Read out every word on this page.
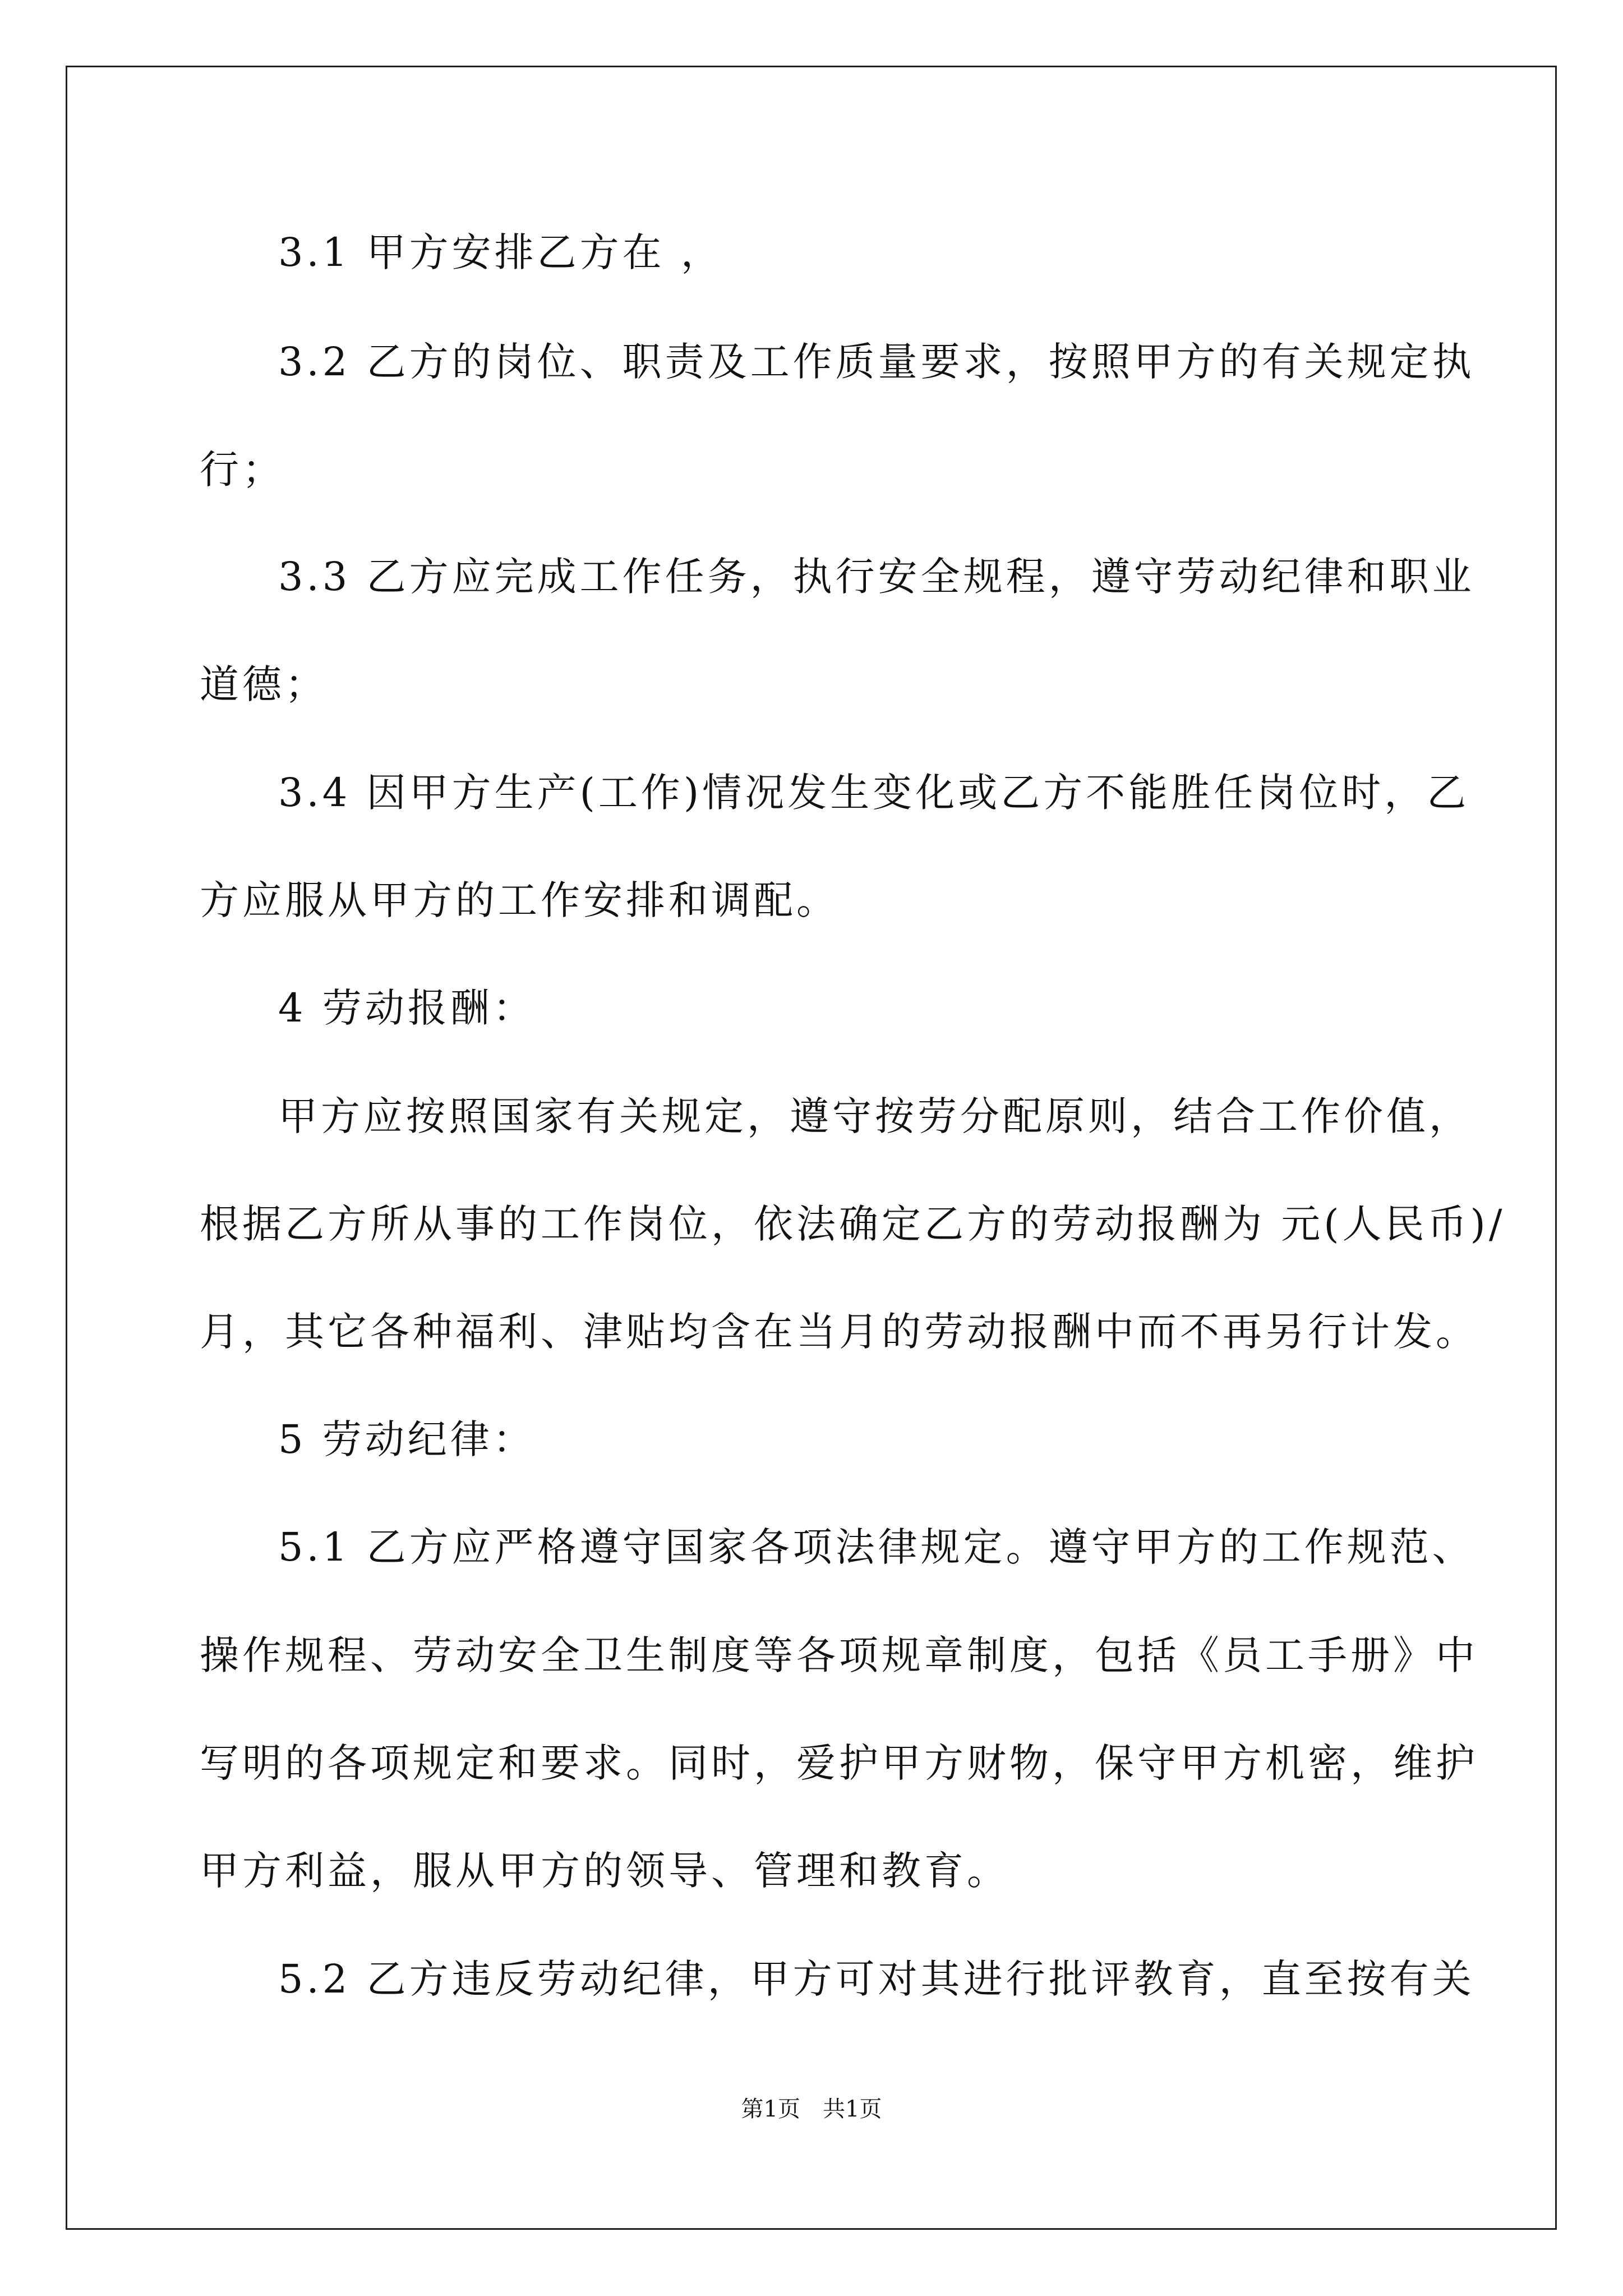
3.1 甲方安排乙方在 ，
3.2 乙方的岗位、职责及工作质量要求，按照甲方的有关规定执
行；
3.3 乙方应完成工作任务，执行安全规程，遵守劳动纪律和职业
道德；
3.4 因甲方生产(工作)情况发生变化或乙方不能胜任岗位时，乙
方应服从甲方的工作安排和调配。
4 劳动报酬：
甲方应按照国家有关规定，遵守按劳分配原则，结合工作价值，
根据乙方所从事的工作岗位，依法确定乙方的劳动报酬为 元(人民币)/
月，其它各种福利、津贴均含在当月的劳动报酬中而不再另行计发。
5 劳动纪律：
5.1 乙方应严格遵守国家各项法律规定。遵守甲方的工作规范、
操作规程、劳动安全卫生制度等各项规章制度，包括《员工手册》中
写明的各项规定和要求。同时，爱护甲方财物，保守甲方机密，维护
甲方利益，服从甲方的领导、管理和教育。
5.2 乙方违反劳动纪律，甲方可对其进行批评教育，直至按有关
第1页　共1页
